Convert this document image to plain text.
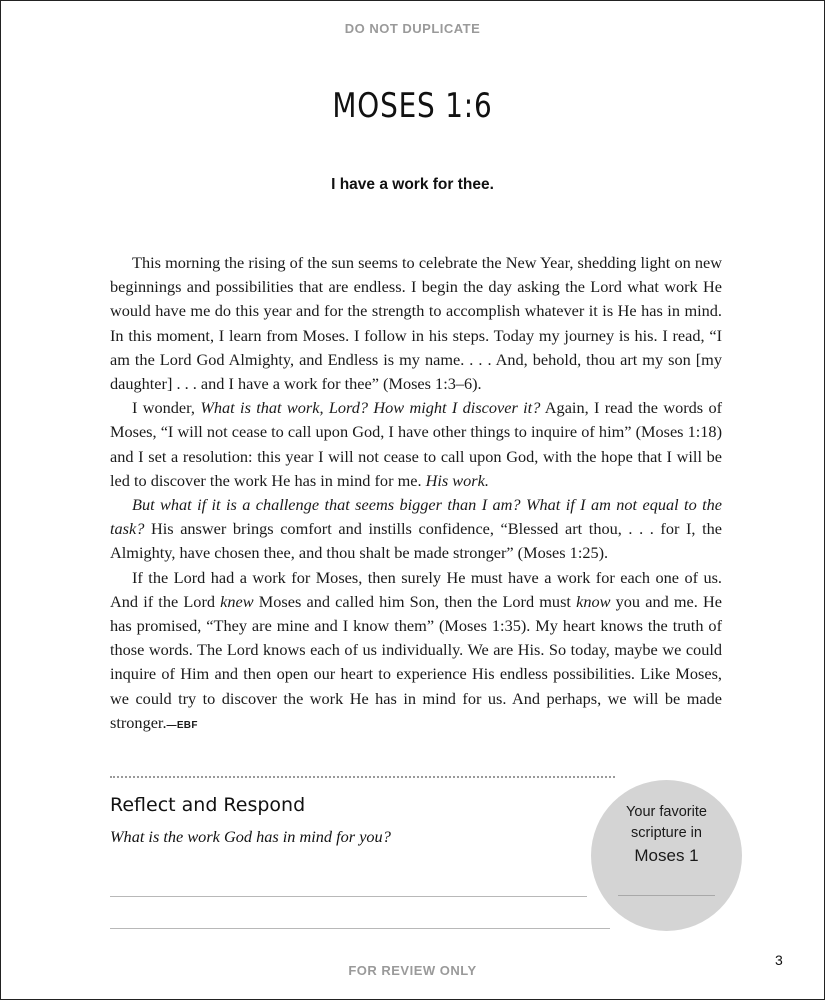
DO NOT DUPLICATE
MOSES 1:6
I have a work for thee.

This morning the rising of the sun seems to celebrate the New Year, shedding light on new beginnings and possibilities that are endless. I begin the day asking the Lord what work He would have me do this year and for the strength to accomplish whatever it is He has in mind. In this moment, I learn from Moses. I follow in his steps. Today my journey is his. I read, “I am the Lord God Almighty, and Endless is my name. . . . And, behold, thou art my son [my daughter] . . . and I have a work for thee” (Moses 1:3–6).

I wonder, What is that work, Lord? How might I discover it? Again, I read the words of Moses, “I will not cease to call upon God, I have other things to inquire of him” (Moses 1:18) and I set a resolution: this year I will not cease to call upon God, with the hope that I will be led to discover the work He has in mind for me. His work.

But what if it is a challenge that seems bigger than I am? What if I am not equal to the task? His answer brings comfort and instills confidence, “Blessed art thou, . . . for I, the Almighty, have chosen thee, and thou shalt be made stronger” (Moses 1:25).

If the Lord had a work for Moses, then surely He must have a work for each one of us. And if the Lord knew Moses and called him Son, then the Lord must know you and me. He has promised, “They are mine and I know them” (Moses 1:35). My heart knows the truth of those words. The Lord knows each of us individually. We are His. So today, maybe we could inquire of Him and then open our heart to experience His endless possibilities. Like Moses, we could try to discover the work He has in mind for us. And perhaps, we will be made stronger.—EBF

Reflect and Respond
What is the work God has in mind for you?
Your favorite
scripture in
Moses 1
3
FOR REVIEW ONLY
